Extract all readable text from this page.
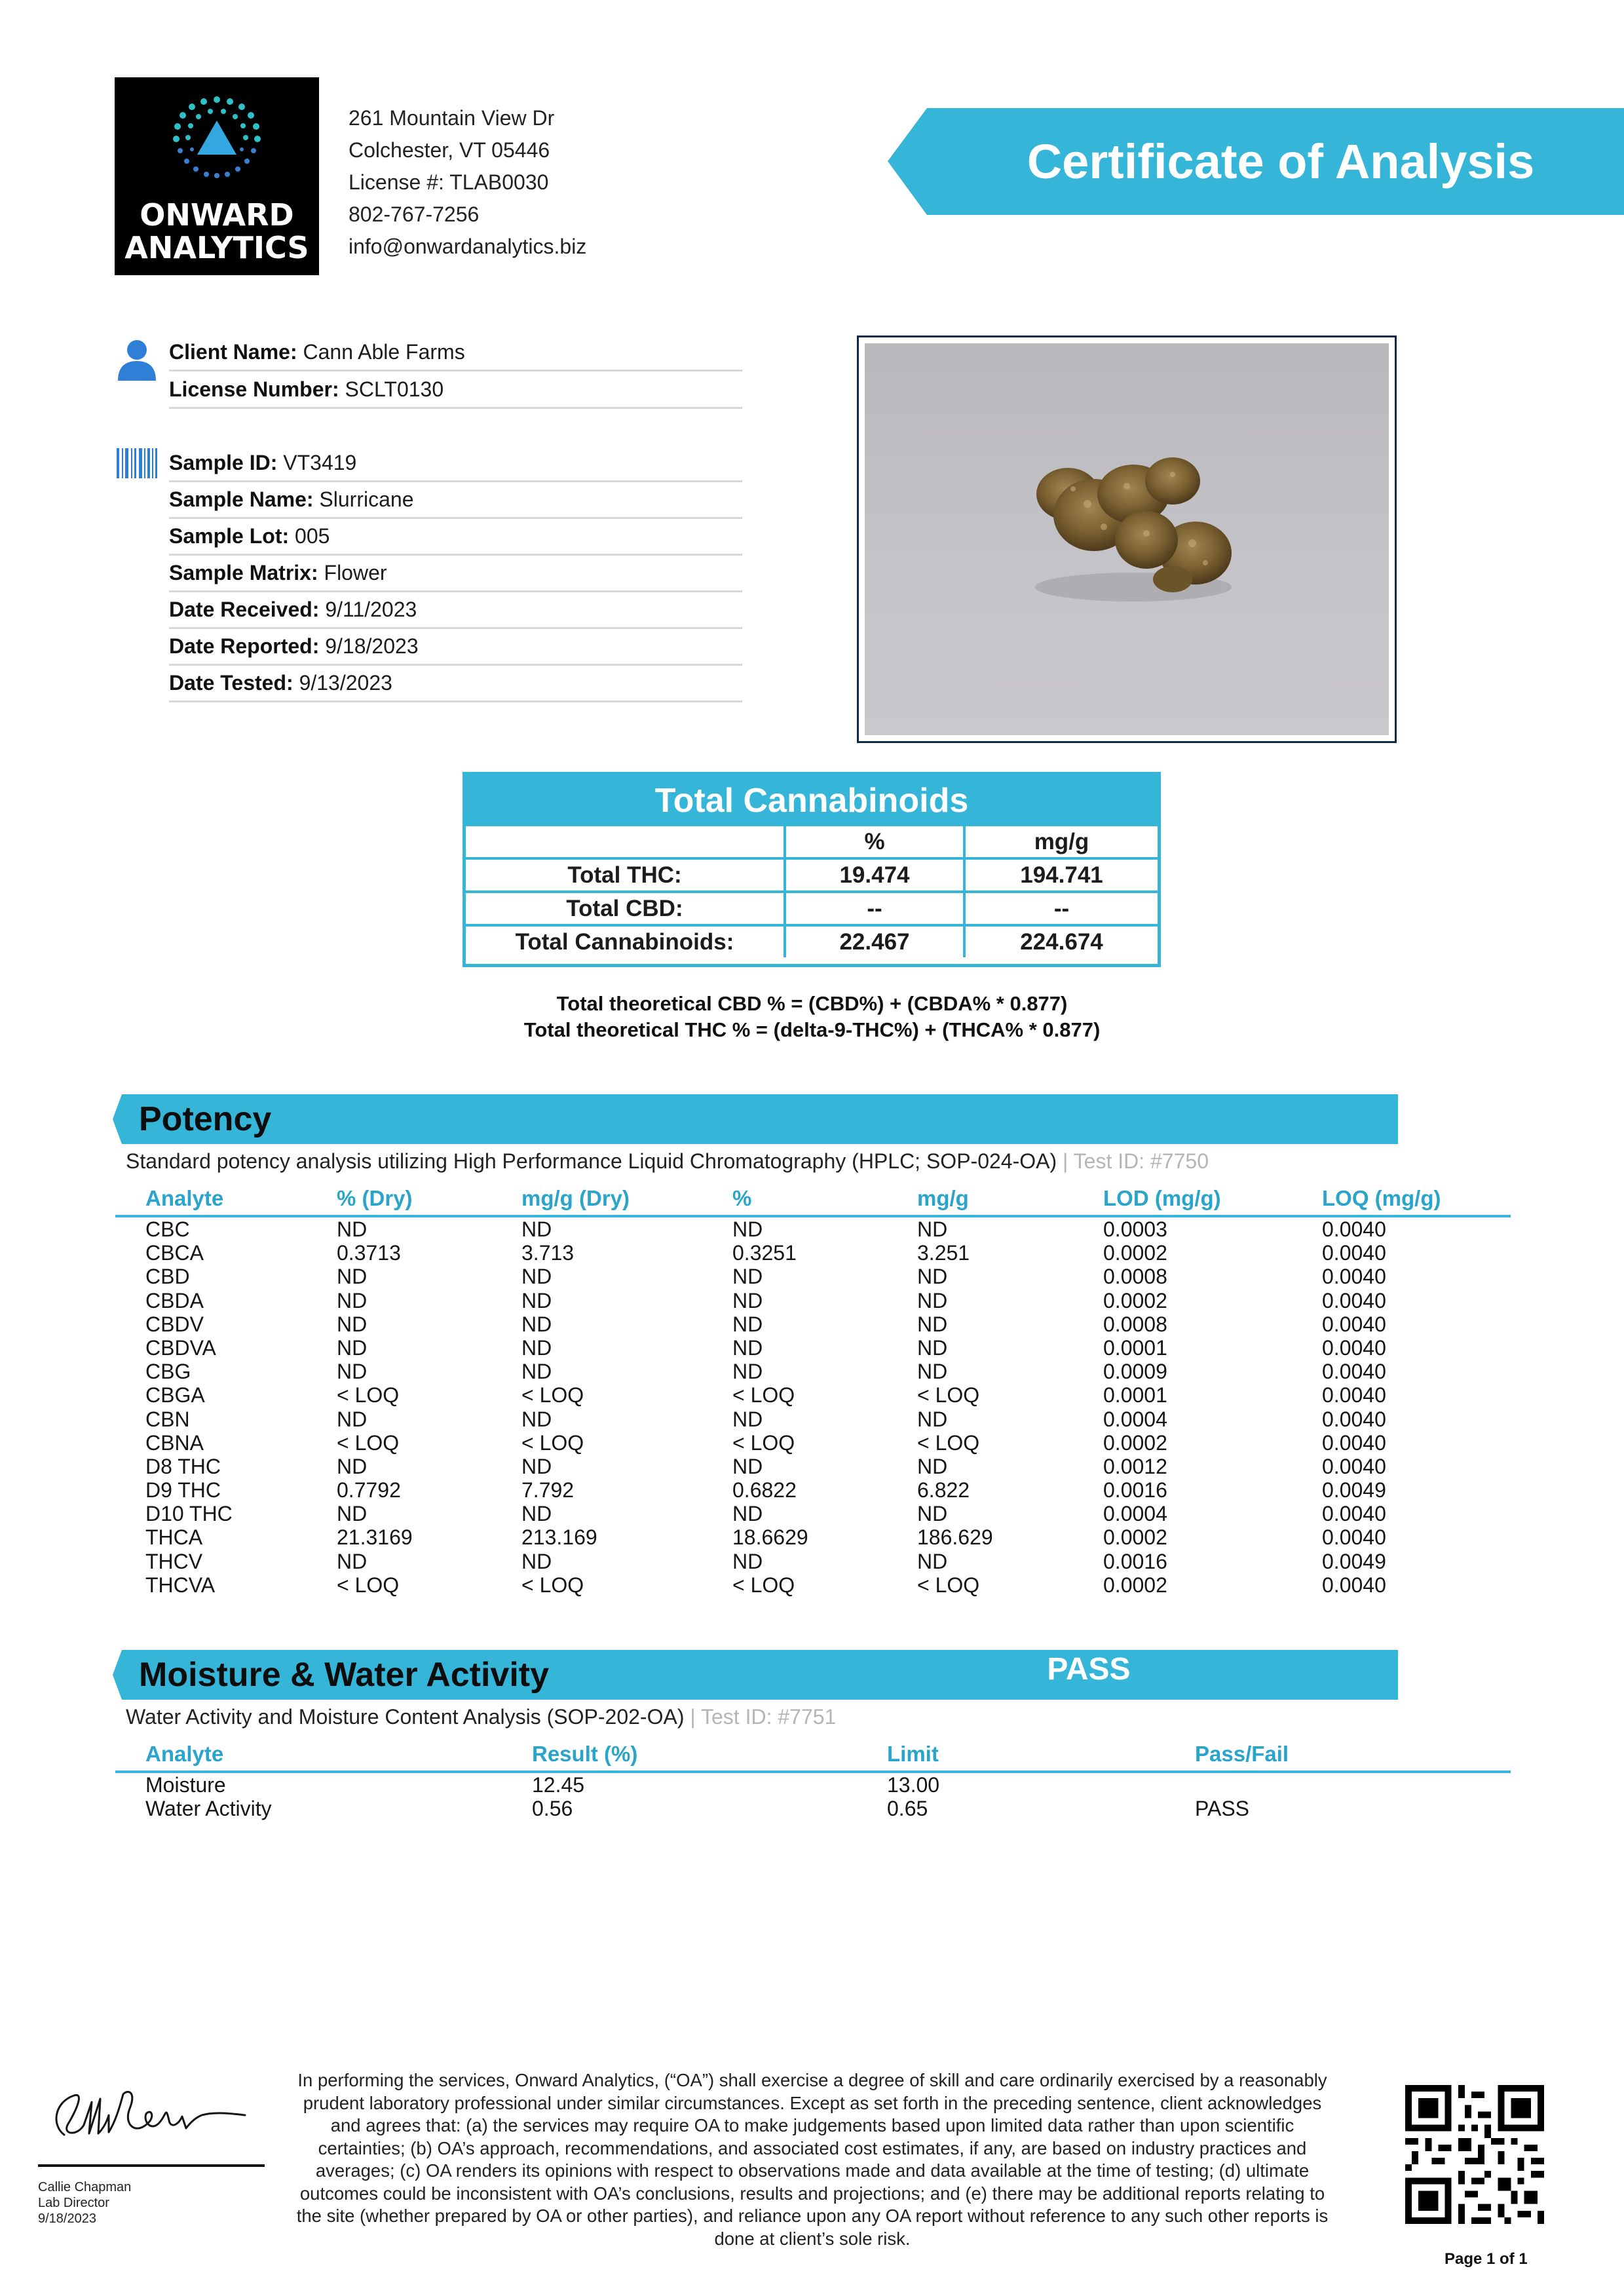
ONWARD
ANALYTICS
261 Mountain View Dr
Colchester, VT 05446
License #: TLAB0030
802-767-7256
info@onwardanalytics.biz
Certificate of Analysis
Client Name: Cann Able Farms
License Number: SCLT0130
Sample ID: VT3419
Sample Name: Slurricane
Sample Lot: 005
Sample Matrix: Flower
Date Received: 9/11/2023
Date Reported: 9/18/2023
Date Tested: 9/13/2023
Total Cannabinoids
	%	mg/g
Total THC:	19.474	194.741
Total CBD:	--	--
Total Cannabinoids:	22.467	224.674
Total theoretical CBD % = (CBD%) + (CBDA% * 0.877)
Total theoretical THC % = (delta-9-THC%) + (THCA% * 0.877)
Potency
Standard potency analysis utilizing High Performance Liquid Chromatography (HPLC; SOP-024-OA) | Test ID: #7750
Analyte	% (Dry)	mg/g (Dry)	%	mg/g	LOD (mg/g)	LOQ (mg/g)
CBC	ND	ND	ND	ND	0.0003	0.0040
CBCA	0.3713	3.713	0.3251	3.251	0.0002	0.0040
CBD	ND	ND	ND	ND	0.0008	0.0040
CBDA	ND	ND	ND	ND	0.0002	0.0040
CBDV	ND	ND	ND	ND	0.0008	0.0040
CBDVA	ND	ND	ND	ND	0.0001	0.0040
CBG	ND	ND	ND	ND	0.0009	0.0040
CBGA	< LOQ	< LOQ	< LOQ	< LOQ	0.0001	0.0040
CBN	ND	ND	ND	ND	0.0004	0.0040
CBNA	< LOQ	< LOQ	< LOQ	< LOQ	0.0002	0.0040
D8 THC	ND	ND	ND	ND	0.0012	0.0040
D9 THC	0.7792	7.792	0.6822	6.822	0.0016	0.0049
D10 THC	ND	ND	ND	ND	0.0004	0.0040
THCA	21.3169	213.169	18.6629	186.629	0.0002	0.0040
THCV	ND	ND	ND	ND	0.0016	0.0049
THCVA	< LOQ	< LOQ	< LOQ	< LOQ	0.0002	0.0040
Moisture & Water Activity	PASS
Water Activity and Moisture Content Analysis (SOP-202-OA) | Test ID: #7751
Analyte	Result (%)	Limit	Pass/Fail
Moisture	12.45	13.00
Water Activity	0.56	0.65	PASS
Callie Chapman
Lab Director
9/18/2023
In performing the services, Onward Analytics, (“OA”) shall exercise a degree of skill and care ordinarily exercised by a reasonably prudent laboratory professional under similar circumstances. Except as set forth in the preceding sentence, client acknowledges and agrees that: (a) the services may require OA to make judgements based upon limited data rather than upon scientific certainties; (b) OA’s approach, recommendations, and associated cost estimates, if any, are based on industry practices and averages; (c) OA renders its opinions with respect to observations made and data available at the time of testing; (d) ultimate outcomes could be inconsistent with OA’s conclusions, results and projections; and (e) there may be additional reports relating to the site (whether prepared by OA or other parties), and reliance upon any OA report without reference to any such other reports is done at client’s sole risk.
Page 1 of 1
